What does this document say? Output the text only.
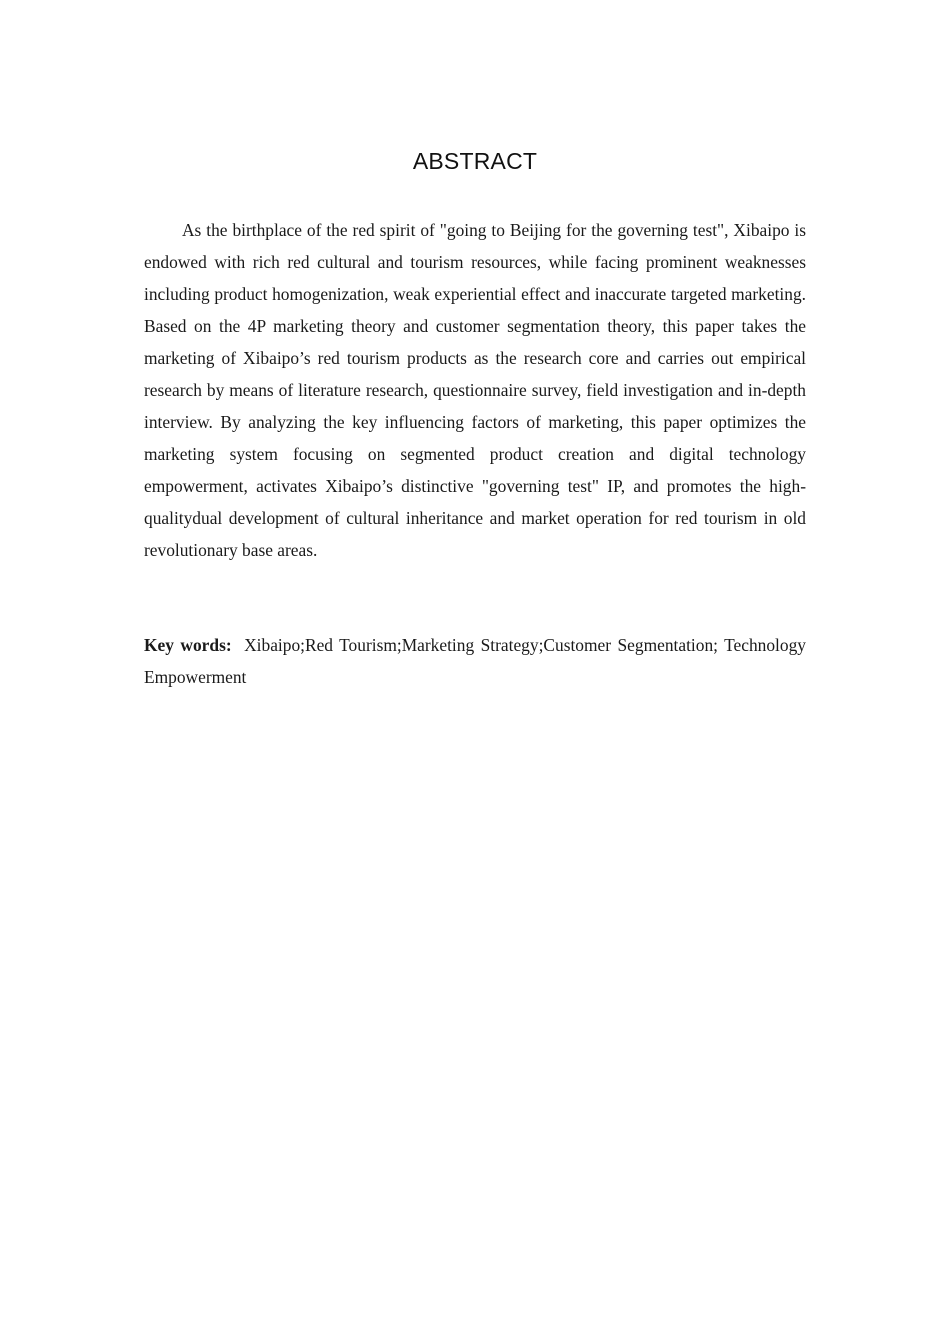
ABSTRACT

As the birthplace of the red spirit of "going to Beijing for the governing test", Xibaipo is endowed with rich red cultural and tourism resources, while facing prominent weaknesses including product homogenization, weak experiential effect and inaccurate targeted marketing. Based on the 4P marketing theory and customer segmentation theory, this paper takes the marketing of Xibaipo’s red tourism products as the research core and carries out empirical research by means of literature research, questionnaire survey, field investigation and in-depth interview. By analyzing the key influencing factors of marketing, this paper optimizes the marketing system focusing on segmented product creation and digital technology empowerment, activates Xibaipo’s distinctive "governing test" IP, and promotes the high-qualitydual development of cultural inheritance and market operation for red tourism in old revolutionary base areas.

Key words: Xibaipo;Red Tourism;Marketing Strategy;Customer Segmentation; Technology Empowerment
